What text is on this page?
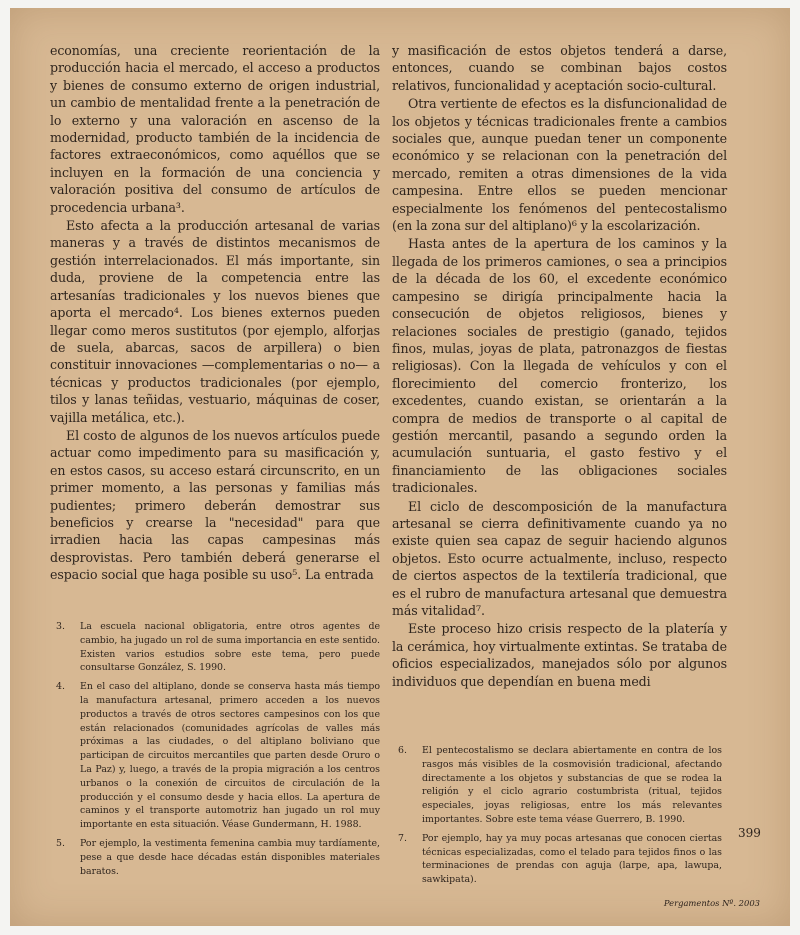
economías, una creciente reorientación de la producción hacia el mercado, el acceso a productos y bienes de consumo externo de origen industrial, un cambio de mentalidad frente a la penetración de lo externo y una valoración en ascenso de la modernidad, producto también de la incidencia de factores extraeconómicos, como aquéllos que se incluyen en la formación de una conciencia y valoración positiva del consumo de artículos de procedencia urbana³.

Esto afecta a la producción artesanal de varias maneras y a través de distintos mecanismos de gestión interrelacionados. El más importante, sin duda, proviene de la competencia entre las artesanías tradicionales y los nuevos bienes que aporta el mercado⁴. Los bienes externos pueden llegar como meros sustitutos (por ejemplo, alforjas de suela, abarcas, sacos de arpillera) o bien constituir innovaciones —complementarias o no— a técnicas y productos tradicionales (por ejemplo, tilos y lanas teñidas, vestuario, máquinas de coser, vajilla metálica, etc.).

El costo de algunos de los nuevos artículos puede actuar como impedimento para su masificación y, en estos casos, su acceso estará circunscrito, en un primer momento, a las personas y familias más pudientes; primero deberán demostrar sus beneficios y crearse la "necesidad" para que irradien hacia las capas campesinas más desprovistas. Pero también deberá generarse el espacio social que haga posible su uso⁵. La entrada

y masificación de estos objetos tenderá a darse, entonces, cuando se combinan bajos costos relativos, funcionalidad y aceptación socio-cultural.

Otra vertiente de efectos es la disfuncionalidad de los objetos y técnicas tradicionales frente a cambios sociales que, aunque puedan tener un componente económico y se relacionan con la penetración del mercado, remiten a otras dimensiones de la vida campesina. Entre ellos se pueden mencionar especialmente los fenómenos del pentecostalismo (en la zona sur del altiplano)⁶ y la escolarización.

Hasta antes de la apertura de los caminos y la llegada de los primeros camiones, o sea a principios de la década de los 60, el excedente económico campesino se dirigía principalmente hacia la consecución de objetos religiosos, bienes y relaciones sociales de prestigio (ganado, tejidos finos, mulas, joyas de plata, patronazgos de fiestas religiosas). Con la llegada de vehículos y con el florecimiento del comercio fronterizo, los excedentes, cuando existan, se orientarán a la compra de medios de transporte o al capital de gestión mercantil, pasando a segundo orden la acumulación suntuaria, el gasto festivo y el financiamiento de las obligaciones sociales tradicionales.

El ciclo de descomposición de la manufactura artesanal se cierra definitivamente cuando ya no existe quien sea capaz de seguir haciendo algunos objetos. Esto ocurre actualmente, incluso, respecto de ciertos aspectos de la textilería tradicional, que es el rubro de manufactura artesanal que demuestra más vitalidad⁷.

Este proceso hizo crisis respecto de la platería y la cerámica, hoy virtualmente extintas. Se trataba de oficios especializados, manejados sólo por algunos individuos que dependían en buena medi

3.	La escuela nacional obligatoria, entre otros agentes de cambio, ha jugado un rol de suma importancia en este sentido. Existen varios estudios sobre este tema, pero puede consultarse González, S. 1990.
4.	En el caso del altiplano, donde se conserva hasta más tiempo la manufactura artesanal, primero acceden a los nuevos productos a través de otros sectores campesinos con los que están relacionados (comunidades agrícolas de valles más próximas a las ciudades, o del altiplano boliviano que participan de circuitos mercantiles que parten desde Oruro o La Paz) y, luego, a través de la propia migración a los centros urbanos o la conexión de circuitos de circulación de la producción y el consumo desde y hacia ellos. La apertura de caminos y el transporte automotriz han jugado un rol muy importante en esta situación. Véase Gundermann, H. 1988.
5.	Por ejemplo, la vestimenta femenina cambia muy tardíamente, pese a que desde hace décadas están disponibles materiales baratos.
6.	El pentecostalismo se declara abiertamente en contra de los rasgos más visibles de la cosmovisión tradicional, afectando directamente a los objetos y substancias de que se rodea la religión y el ciclo agrario costumbrista (ritual, tejidos especiales, joyas religiosas, entre los más relevantes importantes. Sobre este tema véase Guerrero, B. 1990.
7.	Por ejemplo, hay ya muy pocas artesanas que conocen ciertas técnicas especializadas, como el telado para tejidos finos o las terminaciones de prendas con aguja (larpe, apa, lawupa, sawkipata).
399
Pergamentos Nº. 2003
